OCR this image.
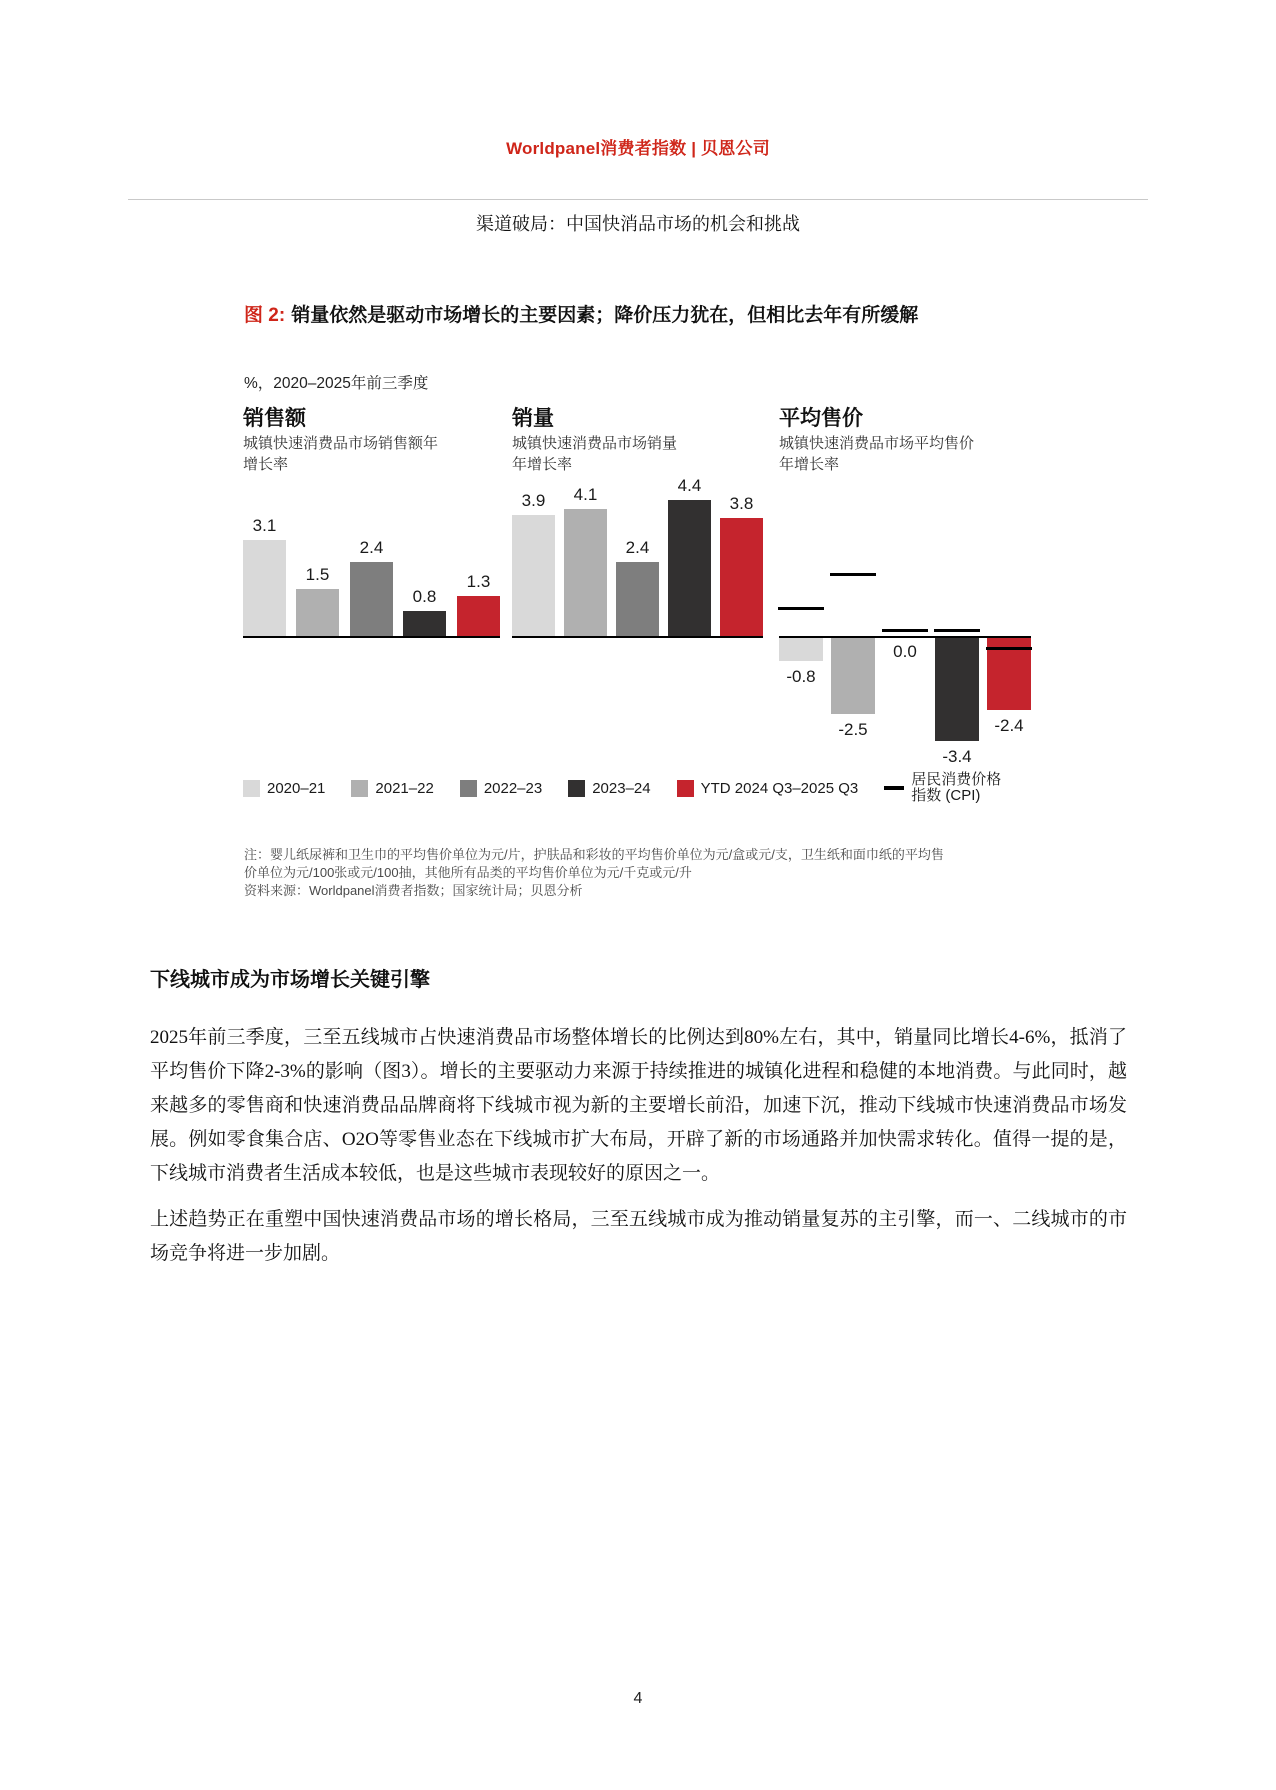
Worldpanel消费者指数 | 贝恩公司
渠道破局：中国快消品市场的机会和挑战
图 2: 销量依然是驱动市场增长的主要因素；降价压力犹在，但相比去年有所缓解
%，2020–2025年前三季度
销售额	销量	平均售价
城镇快速消费品市场销售额年
增长率
城镇快速消费品市场销量
年增长率
城镇快速消费品市场平均售价
年增长率
3.1
1.5
2.4
0.8
1.3
3.9	4.1
2.4
4.4
3.8
-0.8
-2.5
0.0
-3.4
-2.4
2020–21	2021–22	2022–23	2023–24	YTD 2024 Q3–2025 Q3	居民消费价格
指数 (CPI)
注：婴儿纸尿裤和卫生巾的平均售价单位为元/片，护肤品和彩妆的平均售价单位为元/盒或元/支，卫生纸和面巾纸的平均售
价单位为元/100张或元/100抽，其他所有品类的平均售价单位为元/千克或元/升
资料来源：Worldpanel消费者指数；国家统计局；贝恩分析
下线城市成为市场增长关键引擎
2025年前三季度，三至五线城市占快速消费品市场整体增长的比例达到80%左右，其中，销量同比增长4-6%，抵消了平均售价下降2-3%的影响（图3）。增长的主要驱动力来源于持续推进的城镇化进程和稳健的本地消费。与此同时，越来越多的零售商和快速消费品品牌商将下线城市视为新的主要增长前沿，加速下沉，推动下线城市快速消费品市场发展。例如零食集合店、O2O等零售业态在下线城市扩大布局，开辟了新的市场通路并加快需求转化。值得一提的是，下线城市消费者生活成本较低，也是这些城市表现较好的原因之一。
上述趋势正在重塑中国快速消费品市场的增长格局，三至五线城市成为推动销量复苏的主引擎，而一、二线城市的市场竞争将进一步加剧。
4
